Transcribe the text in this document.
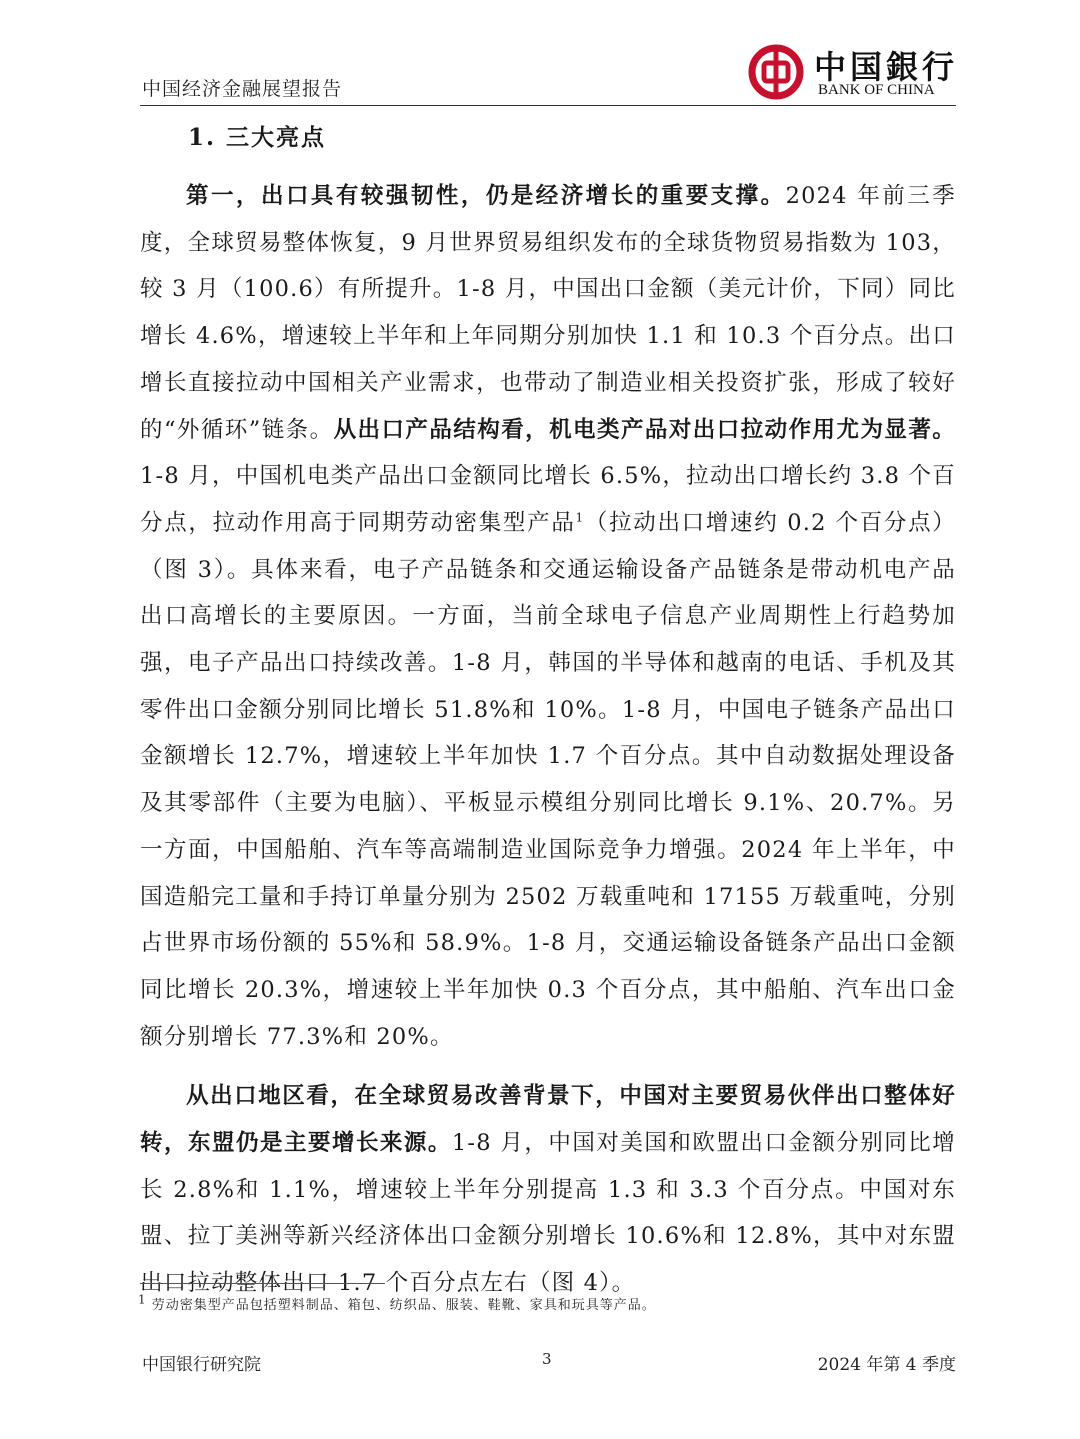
中国经济金融展望报告
中国銀行
BANK OF CHINA
1. 三大亮点

第一，出口具有较强韧性，仍是经济增长的重要支撑。2024 年前三季度，全球贸易整体恢复，9 月世界贸易组织发布的全球货物贸易指数为 103，较 3 月（100.6）有所提升。1-8 月，中国出口金额（美元计价，下同）同比增长 4.6%，增速较上半年和上年同期分别加快 1.1 和 10.3 个百分点。出口增长直接拉动中国相关产业需求，也带动了制造业相关投资扩张，形成了较好的“外循环”链条。从出口产品结构看，机电类产品对出口拉动作用尤为显著。1-8 月，中国机电类产品出口金额同比增长 6.5%，拉动出口增长约 3.8 个百分点，拉动作用高于同期劳动密集型产品$^1$（拉动出口增速约 0.2 个百分点）（图 3）。具体来看，电子产品链条和交通运输设备产品链条是带动机电产品出口高增长的主要原因。一方面，当前全球电子信息产业周期性上行趋势加强，电子产品出口持续改善。1-8 月，韩国的半导体和越南的电话、手机及其零件出口金额分别同比增长 51.8%和 10%。1-8 月，中国电子链条产品出口金额增长 12.7%，增速较上半年加快 1.7 个百分点。其中自动数据处理设备及其零部件（主要为电脑）、平板显示模组分别同比增长 9.1%、20.7%。另一方面，中国船舶、汽车等高端制造业国际竞争力增强。2024 年上半年，中国造船完工量和手持订单量分别为 2502 万载重吨和 17155 万载重吨，分别占世界市场份额的 55%和 58.9%。1-8 月，交通运输设备链条产品出口金额同比增长 20.3%，增速较上半年加快 0.3 个百分点，其中船舶、汽车出口金额分别增长 77.3%和 20%。

从出口地区看，在全球贸易改善背景下，中国对主要贸易伙伴出口整体好转，东盟仍是主要增长来源。1-8 月，中国对美国和欧盟出口金额分别同比增长 2.8%和 1.1%，增速较上半年分别提高 1.3 和 3.3 个百分点。中国对东盟、拉丁美洲等新兴经济体出口金额分别增长 10.6%和 12.8%，其中对东盟出口拉动整体出口 1.7 个百分点左右（图 4）。

$^1$ 劳动密集型产品包括塑料制品、箱包、纺织品、服装、鞋靴、家具和玩具等产品。
中国银行研究院	3	2024 年第 4 季度
